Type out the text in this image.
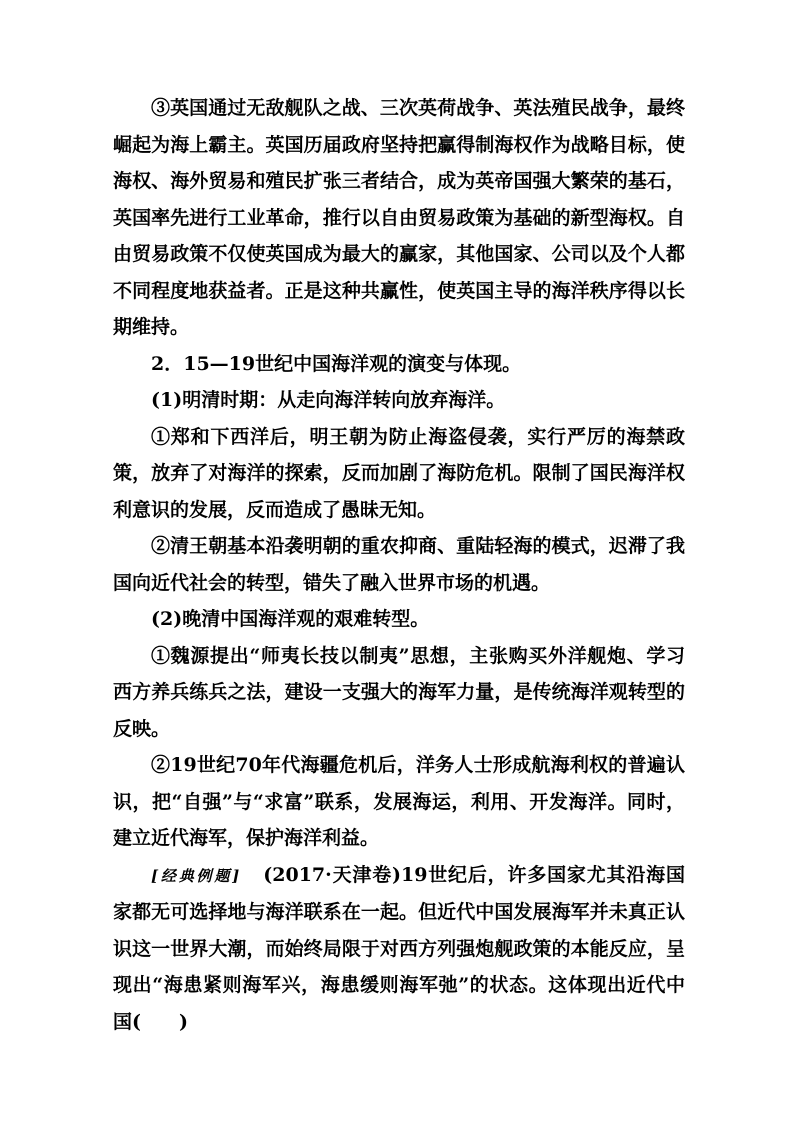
③英国通过无敌舰队之战、三次英荷战争、英法殖民战争，最终崛起为海上霸主。英国历届政府坚持把赢得制海权作为战略目标，使海权、海外贸易和殖民扩张三者结合，成为英帝国强大繁荣的基石，英国率先进行工业革命，推行以自由贸易政策为基础的新型海权。自由贸易政策不仅使英国成为最大的赢家，其他国家、公司以及个人都不同程度地获益者。正是这种共赢性，使英国主导的海洋秩序得以长期维持。

2．15—19世纪中国海洋观的演变与体现。

(1)明清时期：从走向海洋转向放弃海洋。

①郑和下西洋后，明王朝为防止海盗侵袭，实行严厉的海禁政策，放弃了对海洋的探索，反而加剧了海防危机。限制了国民海洋权利意识的发展，反而造成了愚昧无知。

②清王朝基本沿袭明朝的重农抑商、重陆轻海的模式，迟滞了我国向近代社会的转型，错失了融入世界市场的机遇。

(2)晚清中国海洋观的艰难转型。

①魏源提出“师夷长技以制夷”思想，主张购买外洋舰炮、学习西方养兵练兵之法，建设一支强大的海军力量，是传统海洋观转型的反映。

②19世纪70年代海疆危机后，洋务人士形成航海利权的普遍认识，把“自强”与“求富”联系，发展海运，利用、开发海洋。同时，建立近代海军，保护海洋利益。

[经典例题] (2017·天津卷)19世纪后，许多国家尤其沿海国家都无可选择地与海洋联系在一起。但近代中国发展海军并未真正认识这一世界大潮，而始终局限于对西方列强炮舰政策的本能反应，呈现出“海患紧则海军兴，海患缓则海军弛”的状态。这体现出近代中国( )
